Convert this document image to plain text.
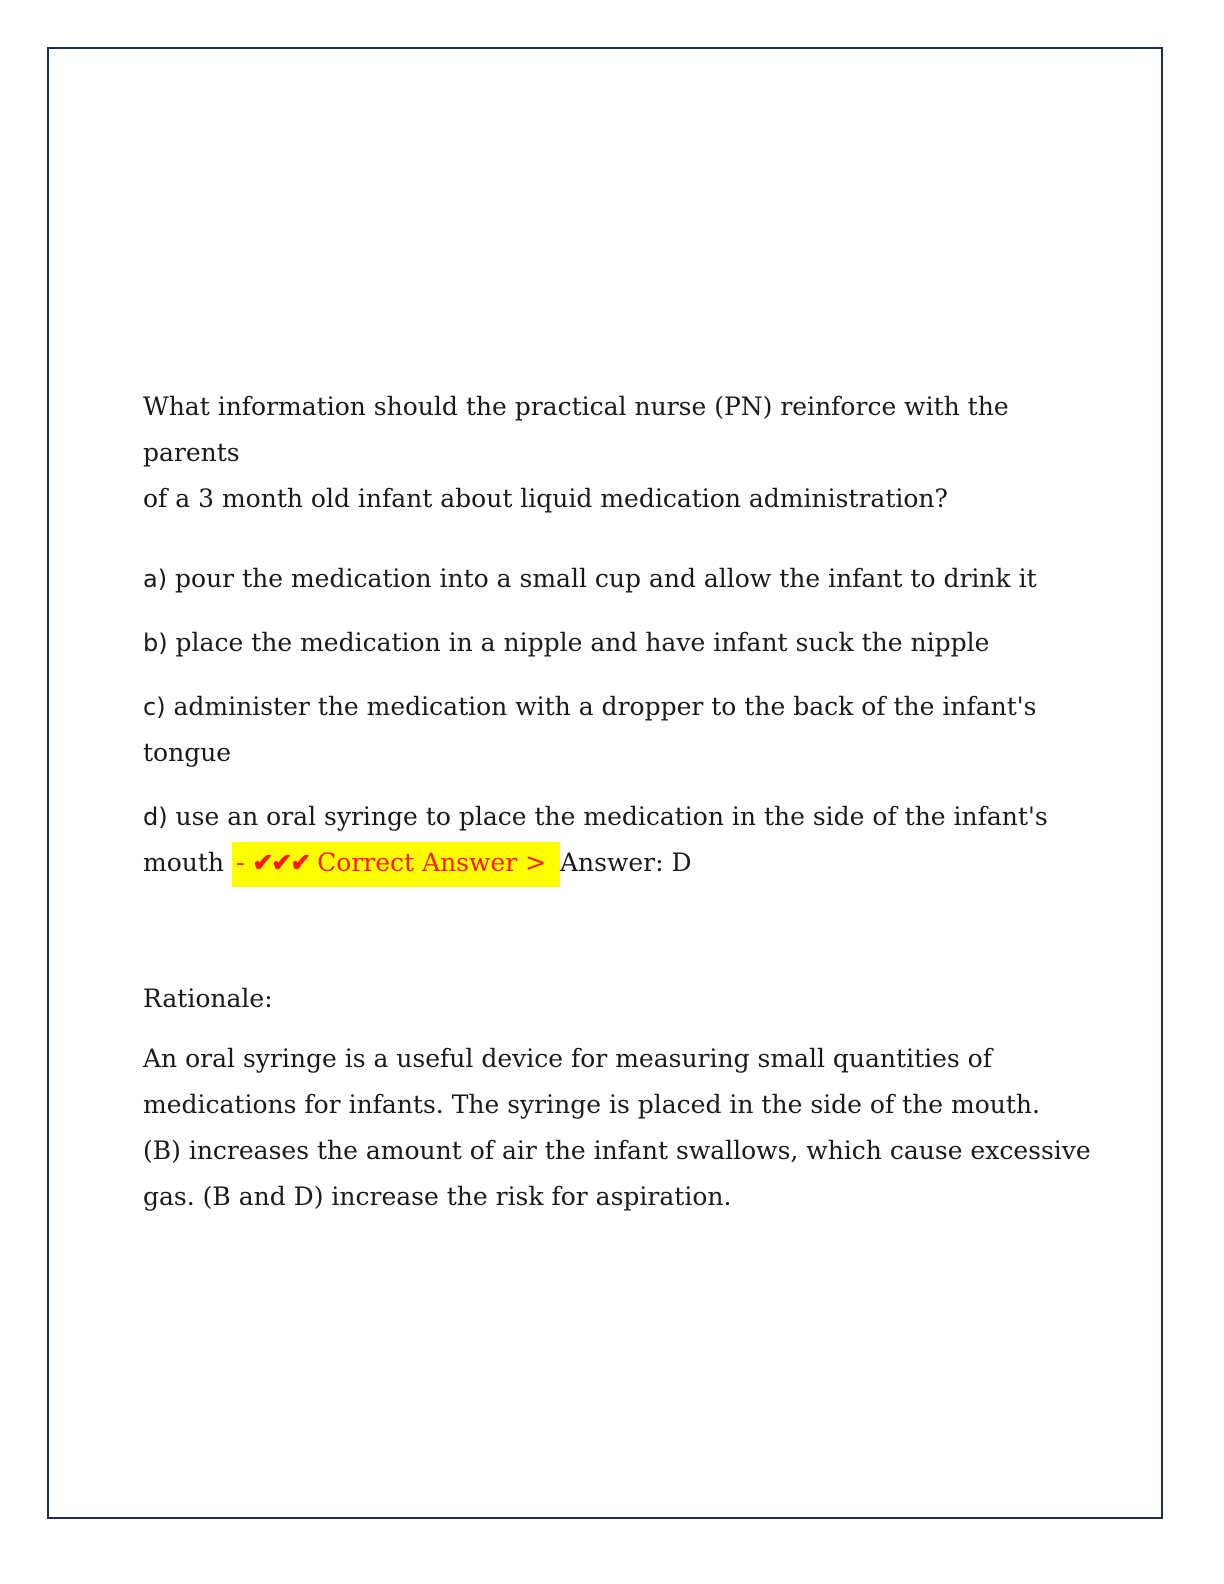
What information should the practical nurse (PN) reinforce with the parents
of a 3 month old infant about liquid medication administration?
a) pour the medication into a small cup and allow the infant to drink it
b) place the medication in a nipple and have infant suck the nipple
c) administer the medication with a dropper to the back of the infant's
tongue
d) use an oral syringe to place the medication in the side of the infant's
mouth - ✔✔✔ Correct Answer > Answer: D
Rationale:
An oral syringe is a useful device for measuring small quantities of
medications for infants. The syringe is placed in the side of the mouth.
(B) increases the amount of air the infant swallows, which cause excessive
gas. (B and D) increase the risk for aspiration.
